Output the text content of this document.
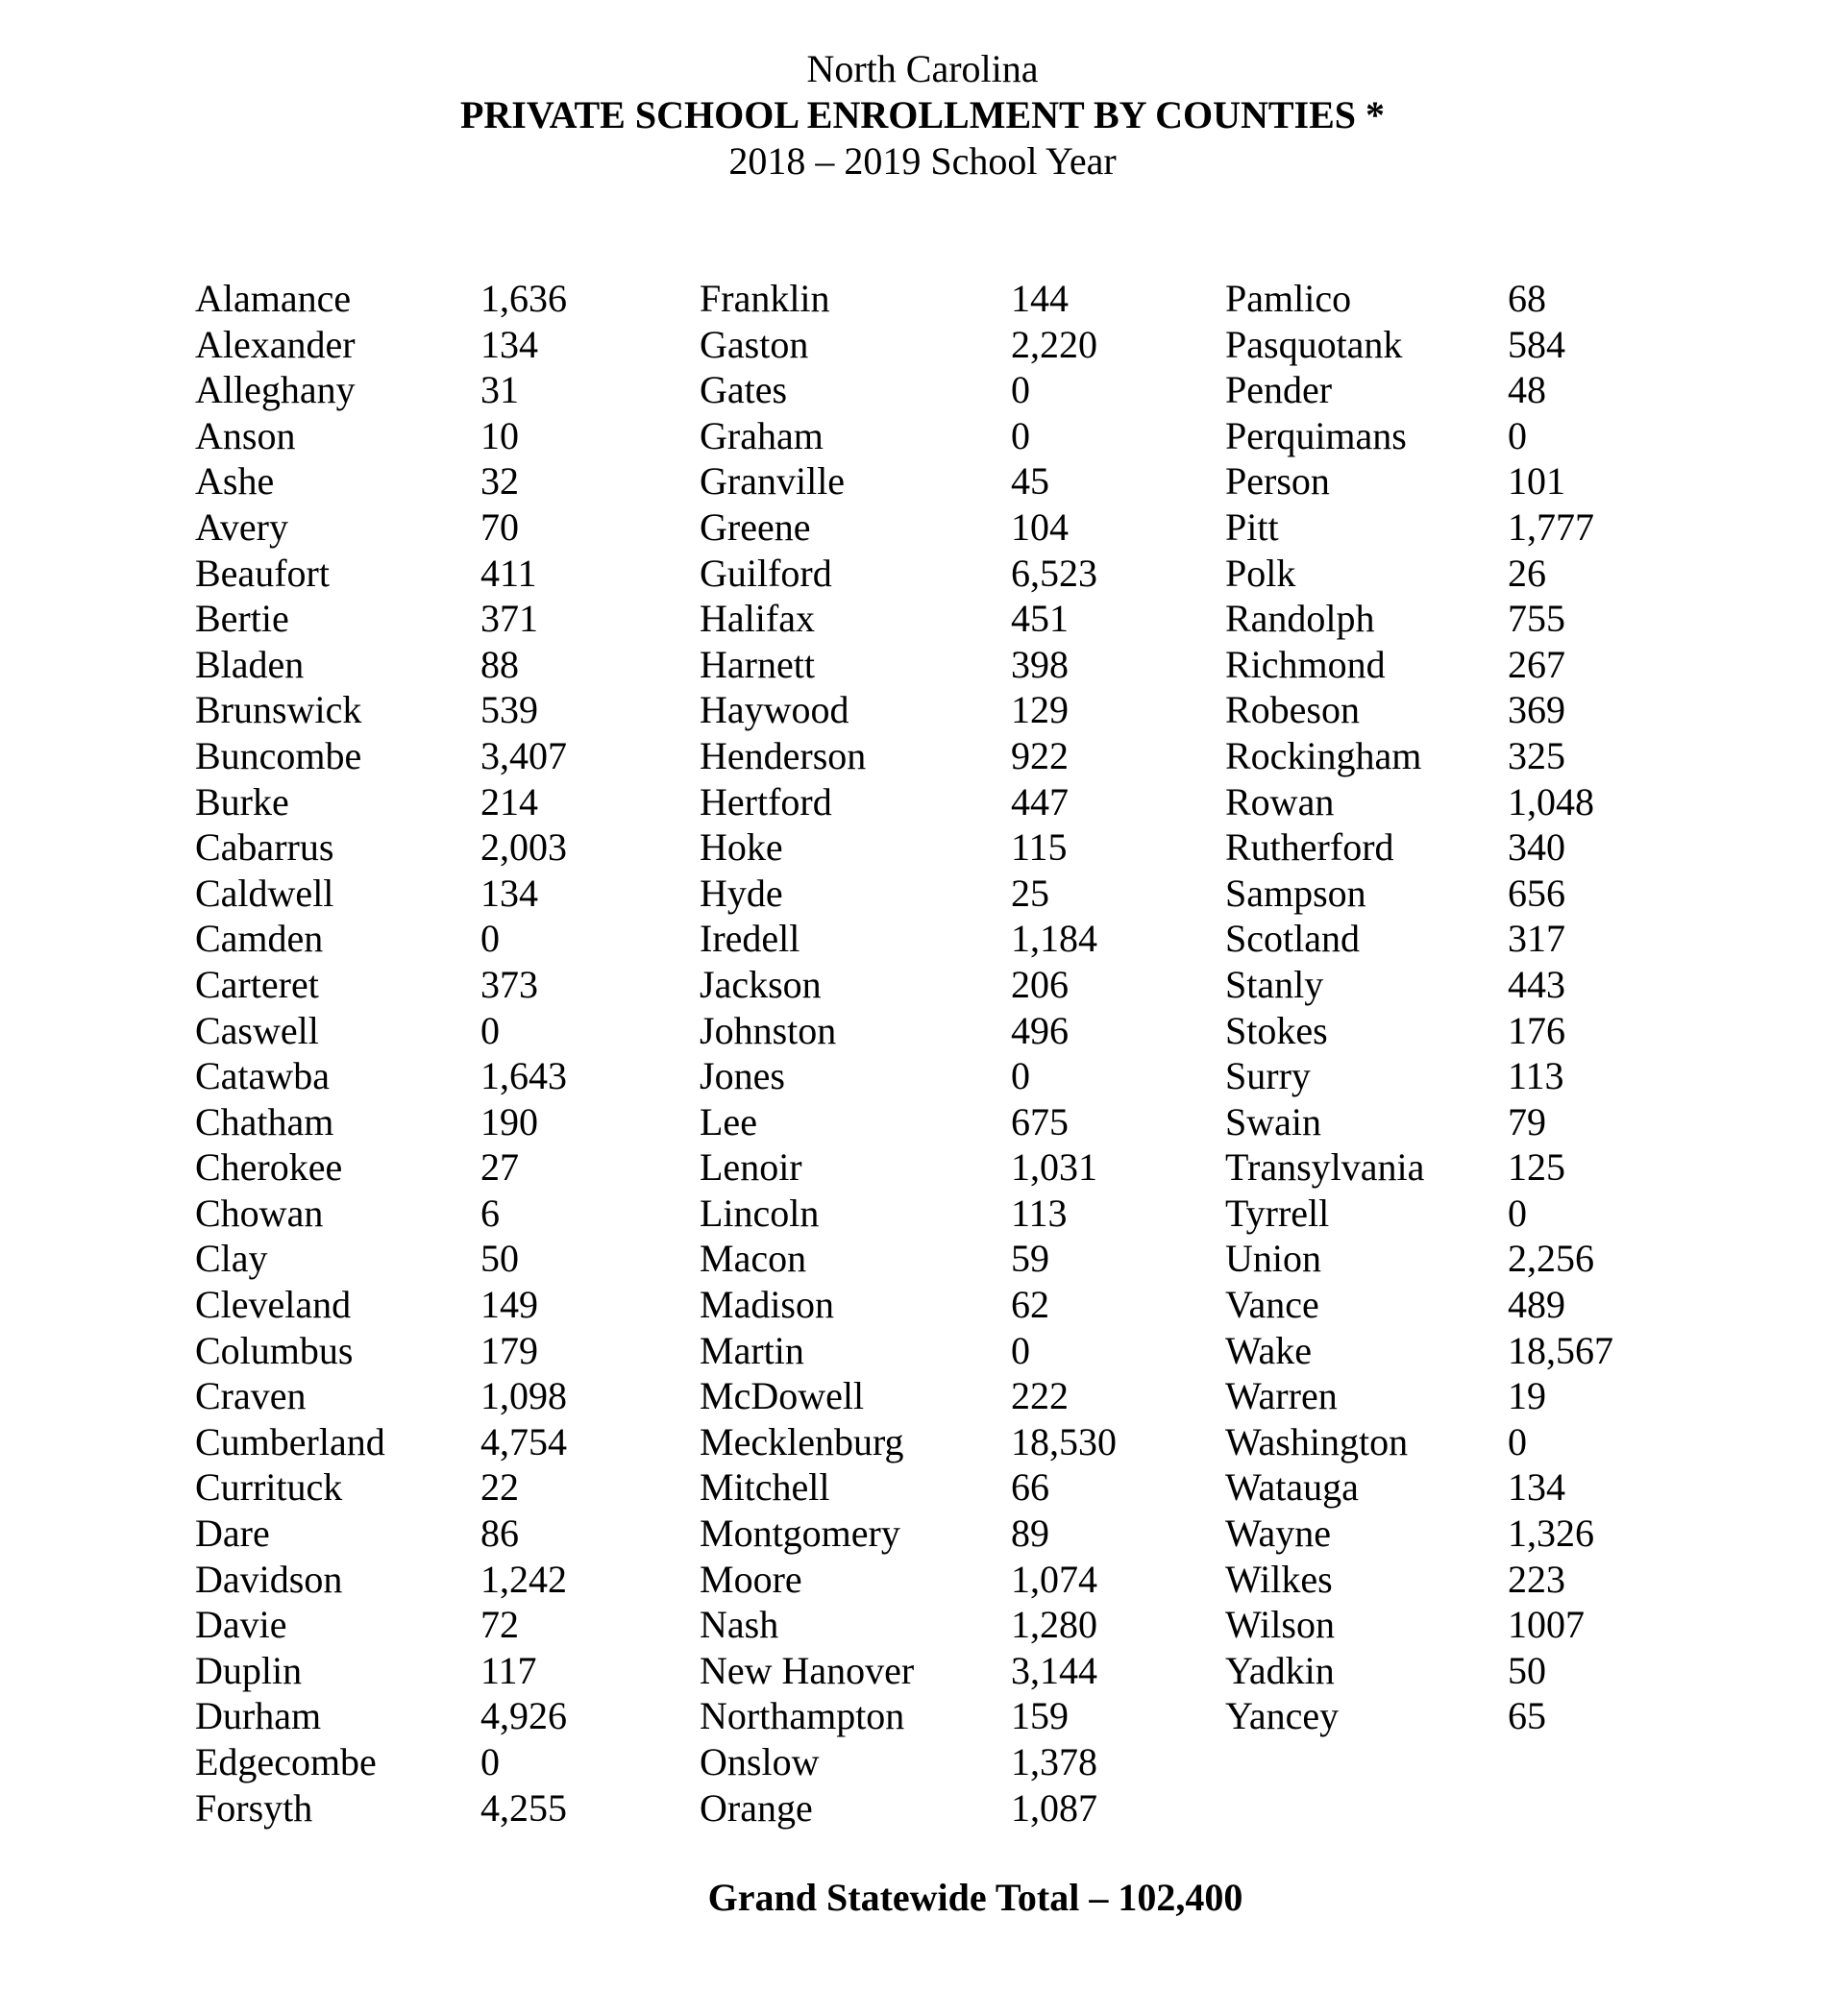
North Carolina
PRIVATE SCHOOL ENROLLMENT BY COUNTIES *
2018 – 2019 School Year
Alamance	1,636
Alexander	134
Alleghany	31
Anson	10
Ashe	32
Avery	70
Beaufort	411
Bertie	371
Bladen	88
Brunswick	539
Buncombe	3,407
Burke	214
Cabarrus	2,003
Caldwell	134
Camden	0
Carteret	373
Caswell	0
Catawba	1,643
Chatham	190
Cherokee	27
Chowan	6
Clay	50
Cleveland	149
Columbus	179
Craven	1,098
Cumberland 4,754
Currituck	22
Dare	86
Davidson	1,242
Davie	72
Duplin	117
Durham	4,926
Edgecombe	0
Forsyth	4,255
Franklin	144
Gaston	2,220
Gates	0
Graham	0
Granville	45
Greene	104
Guilford	6,523
Halifax	451
Harnett	398
Haywood	129
Henderson	922
Hertford	447
Hoke	115
Hyde	25
Iredell	1,184
Jackson	206
Johnston	496
Jones	0
Lee	675
Lenoir	1,031
Lincoln	113
Macon	59
Madison	62
Martin	0
McDowell	222
Mecklenburg	18,530
Mitchell	66
Montgomery	89
Moore	1,074
Nash	1,280
New Hanover	3,144
Northampton	159
Onslow	1,378
Orange	1,087
Pamlico	68
Pasquotank	584
Pender	48
Perquimans	0
Person	101
Pitt	1,777
Polk	26
Randolph	755
Richmond	267
Robeson	369
Rockingham 325
Rowan	1,048
Rutherford	340
Sampson	656
Scotland	317
Stanly	443
Stokes	176
Surry	113
Swain	79
Transylvania 125
Tyrrell	0
Union	2,256
Vance	489
Wake	18,567
Warren	19
Washington	0
Watauga	134
Wayne	1,326
Wilkes	223
Wilson	1007
Yadkin	50
Yancey	65
Grand Statewide Total – 102,400
